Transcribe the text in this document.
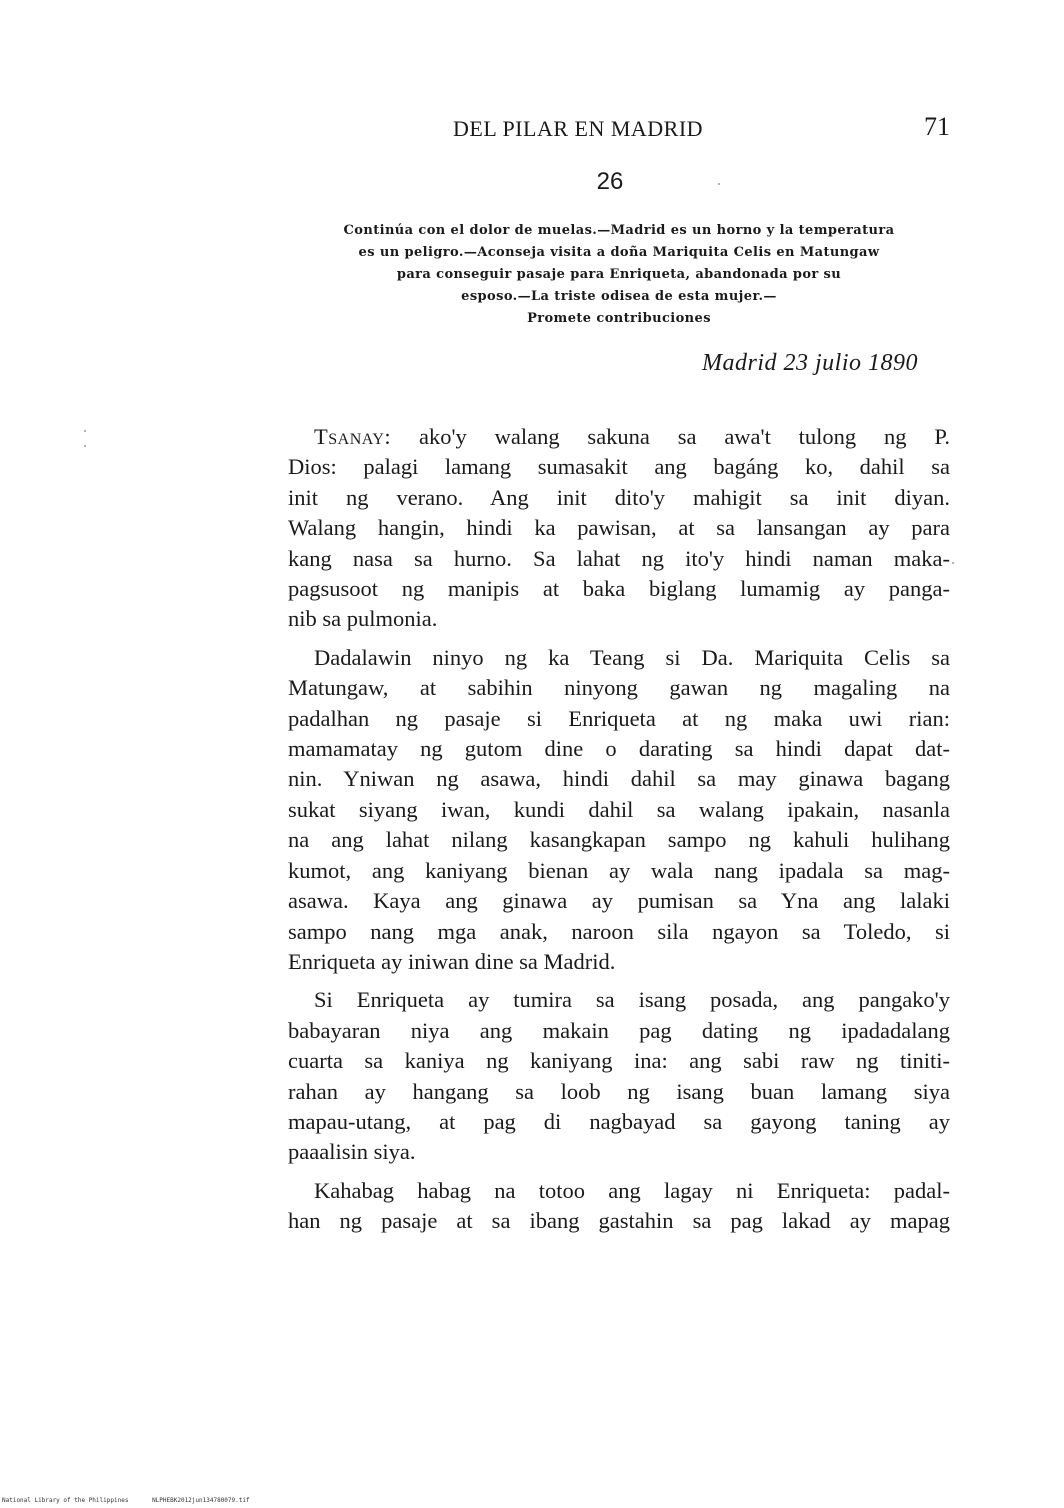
DEL PILAR EN MADRID	71
26
Continúa con el dolor de muelas.—Madrid es un horno y la temperatura
es un peligro.—Aconseja visita a doña Mariquita Celis en Matungaw
para conseguir pasaje para Enriqueta, abandonada por su
esposo.—La triste odisea de esta mujer.—
Promete contribuciones
Madrid 23 julio 1890
Tsanay: ako'y walang sakuna sa awa't tulong ng P.
Dios: palagi lamang sumasakit ang bagáng ko, dahil sa
init ng verano. Ang init dito'y mahigit sa init diyan.
Walang hangin, hindi ka pawisan, at sa lansangan ay para
kang nasa sa hurno. Sa lahat ng ito'y hindi naman maka-
pagsusoot ng manipis at baka biglang lumamig ay panga-
nib sa pulmonia.
Dadalawin ninyo ng ka Teang si Da. Mariquita Celis sa
Matungaw, at sabihin ninyong gawan ng magaling na
padalhan ng pasaje si Enriqueta at ng maka uwi rian:
mamamatay ng gutom dine o darating sa hindi dapat dat-
nin. Yniwan ng asawa, hindi dahil sa may ginawa bagang
sukat siyang iwan, kundi dahil sa walang ipakain, nasanla
na ang lahat nilang kasangkapan sampo ng kahuli hulihang
kumot, ang kaniyang bienan ay wala nang ipadala sa mag-
asawa. Kaya ang ginawa ay pumisan sa Yna ang lalaki
sampo nang mga anak, naroon sila ngayon sa Toledo, si
Enriqueta ay iniwan dine sa Madrid.
Si Enriqueta ay tumira sa isang posada, ang pangako'y
babayaran niya ang makain pag dating ng ipadadalang
cuarta sa kaniya ng kaniyang ina: ang sabi raw ng tiniti-
rahan ay hangang sa loob ng isang buan lamang siya
mapau-utang, at pag di nagbayad sa gayong taning ay
paaalisin siya.
Kahabag habag na totoo ang lagay ni Enriqueta: padal-
han ng pasaje at sa ibang gastahin sa pag lakad ay mapag
National Library of the Philippines	NLPHEBK2012jun134780079.tif
